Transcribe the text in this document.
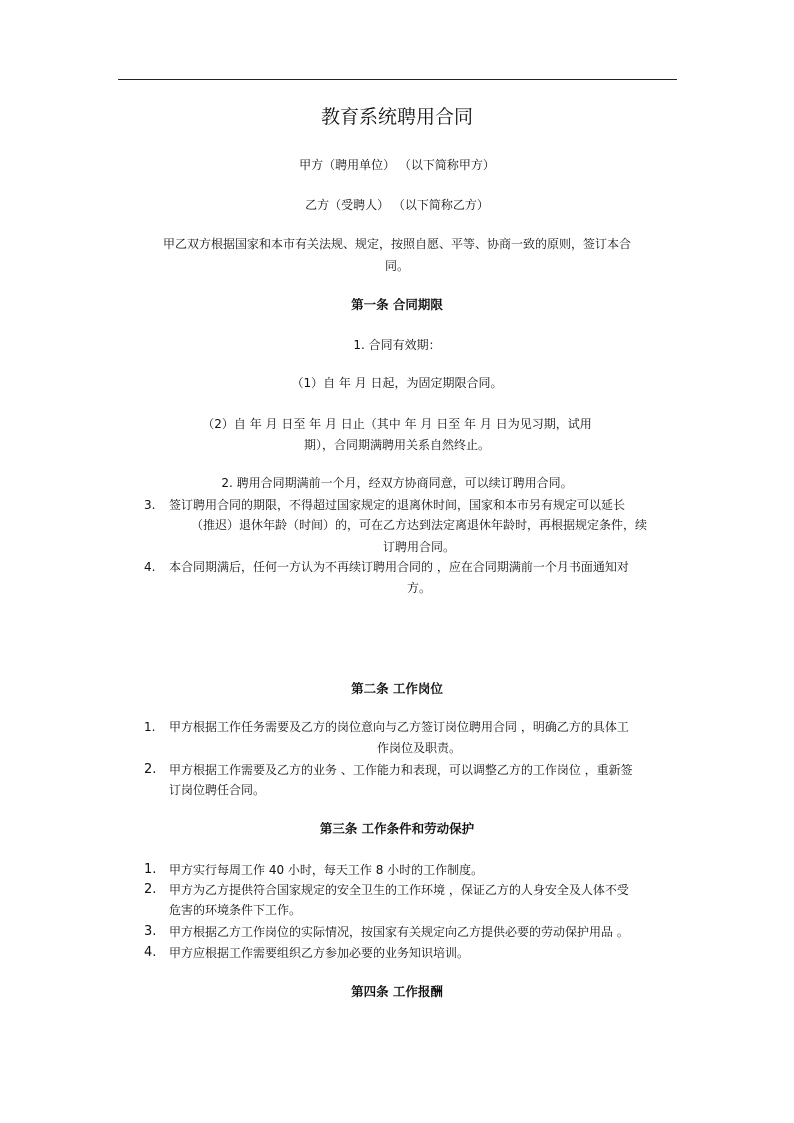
教育系统聘用合同
甲方（聘用单位） （以下简称甲方）
乙方（受聘人） （以下简称乙方）
甲乙双方根据国家和本市有关法规、规定，按照自愿、平等、协商一致的原则，签订本合
同。
第一条 合同期限
1. 合同有效期：
（1）自 年 月 日起，为固定期限合同。
（2）自 年 月 日至 年 月 日止（其中 年 月 日至 年 月 日为见习期，试用
期），合同期满聘用关系自然终止。
2. 聘用合同期满前一个月，经双方协商同意，可以续订聘用合同。
3. 签订聘用合同的期限，不得超过国家规定的退离休时间，国家和本市另有规定可以延长
（推迟）退休年龄（时间）的，可在乙方达到法定离退休年龄时，再根据规定条件，续
订聘用合同。
4. 本合同期满后，任何一方认为不再续订聘用合同的 ，应在合同期满前一个月书面通知对
方。
第二条 工作岗位
1. 甲方根据工作任务需要及乙方的岗位意向与乙方签订岗位聘用合同 ，明确乙方的具体工
作岗位及职责。
2. 甲方根据工作需要及乙方的业务 、工作能力和表现，可以调整乙方的工作岗位 ，重新签
订岗位聘任合同。
第三条 工作条件和劳动保护
1. 甲方实行每周工作 40 小时，每天工作 8 小时的工作制度。
2. 甲方为乙方提供符合国家规定的安全卫生的工作环境 ，保证乙方的人身安全及人体不受
危害的环境条件下工作。
3. 甲方根据乙方工作岗位的实际情况，按国家有关规定向乙方提供必要的劳动保护用品 。
4. 甲方应根据工作需要组织乙方参加必要的业务知识培训。
第四条 工作报酬
